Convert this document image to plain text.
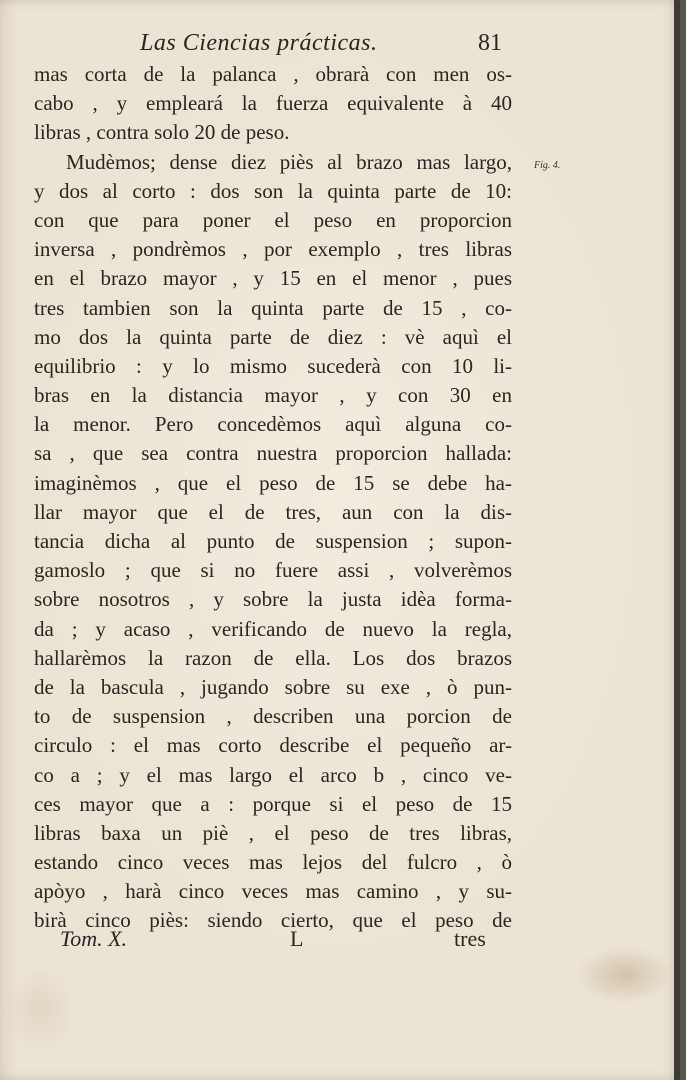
Las Ciencias prácticas.	81
Fig. 4.
mas corta de la palanca , obrarà con men os-
cabo , y empleará la fuerza equivalente à 40
libras , contra solo 20 de peso.
Mudèmos; dense diez piès al brazo mas largo,
y dos al corto : dos son la quinta parte de 10:
con que para poner el peso en proporcion
inversa , pondrèmos , por exemplo , tres libras
en el brazo mayor , y 15 en el menor , pues
tres tambien son la quinta parte de 15 , co-
mo dos la quinta parte de diez : vè aquì el
equilibrio : y lo mismo sucederà con 10 li-
bras en la distancia mayor , y con 30 en
la menor. Pero concedèmos aquì alguna co-
sa , que sea contra nuestra proporcion hallada:
imaginèmos , que el peso de 15 se debe ha-
llar mayor que el de tres, aun con la dis-
tancia dicha al punto de suspension ; supon-
gamoslo ; que si no fuere assi , volverèmos
sobre nosotros , y sobre la justa idèa forma-
da ; y acaso , verificando de nuevo la regla,
hallarèmos la razon de ella. Los dos brazos
de la bascula , jugando sobre su exe , ò pun-
to de suspension , describen una porcion de
circulo : el mas corto describe el pequeño ar-
co a ; y el mas largo el arco b , cinco ve-
ces mayor que a : porque si el peso de 15
libras baxa un piè , el peso de tres libras,
estando cinco veces mas lejos del fulcro , ò
apòyo , harà cinco veces mas camino , y su-
birà cinco piès: siendo cierto, que el peso de
Tom. X.	L	tres
